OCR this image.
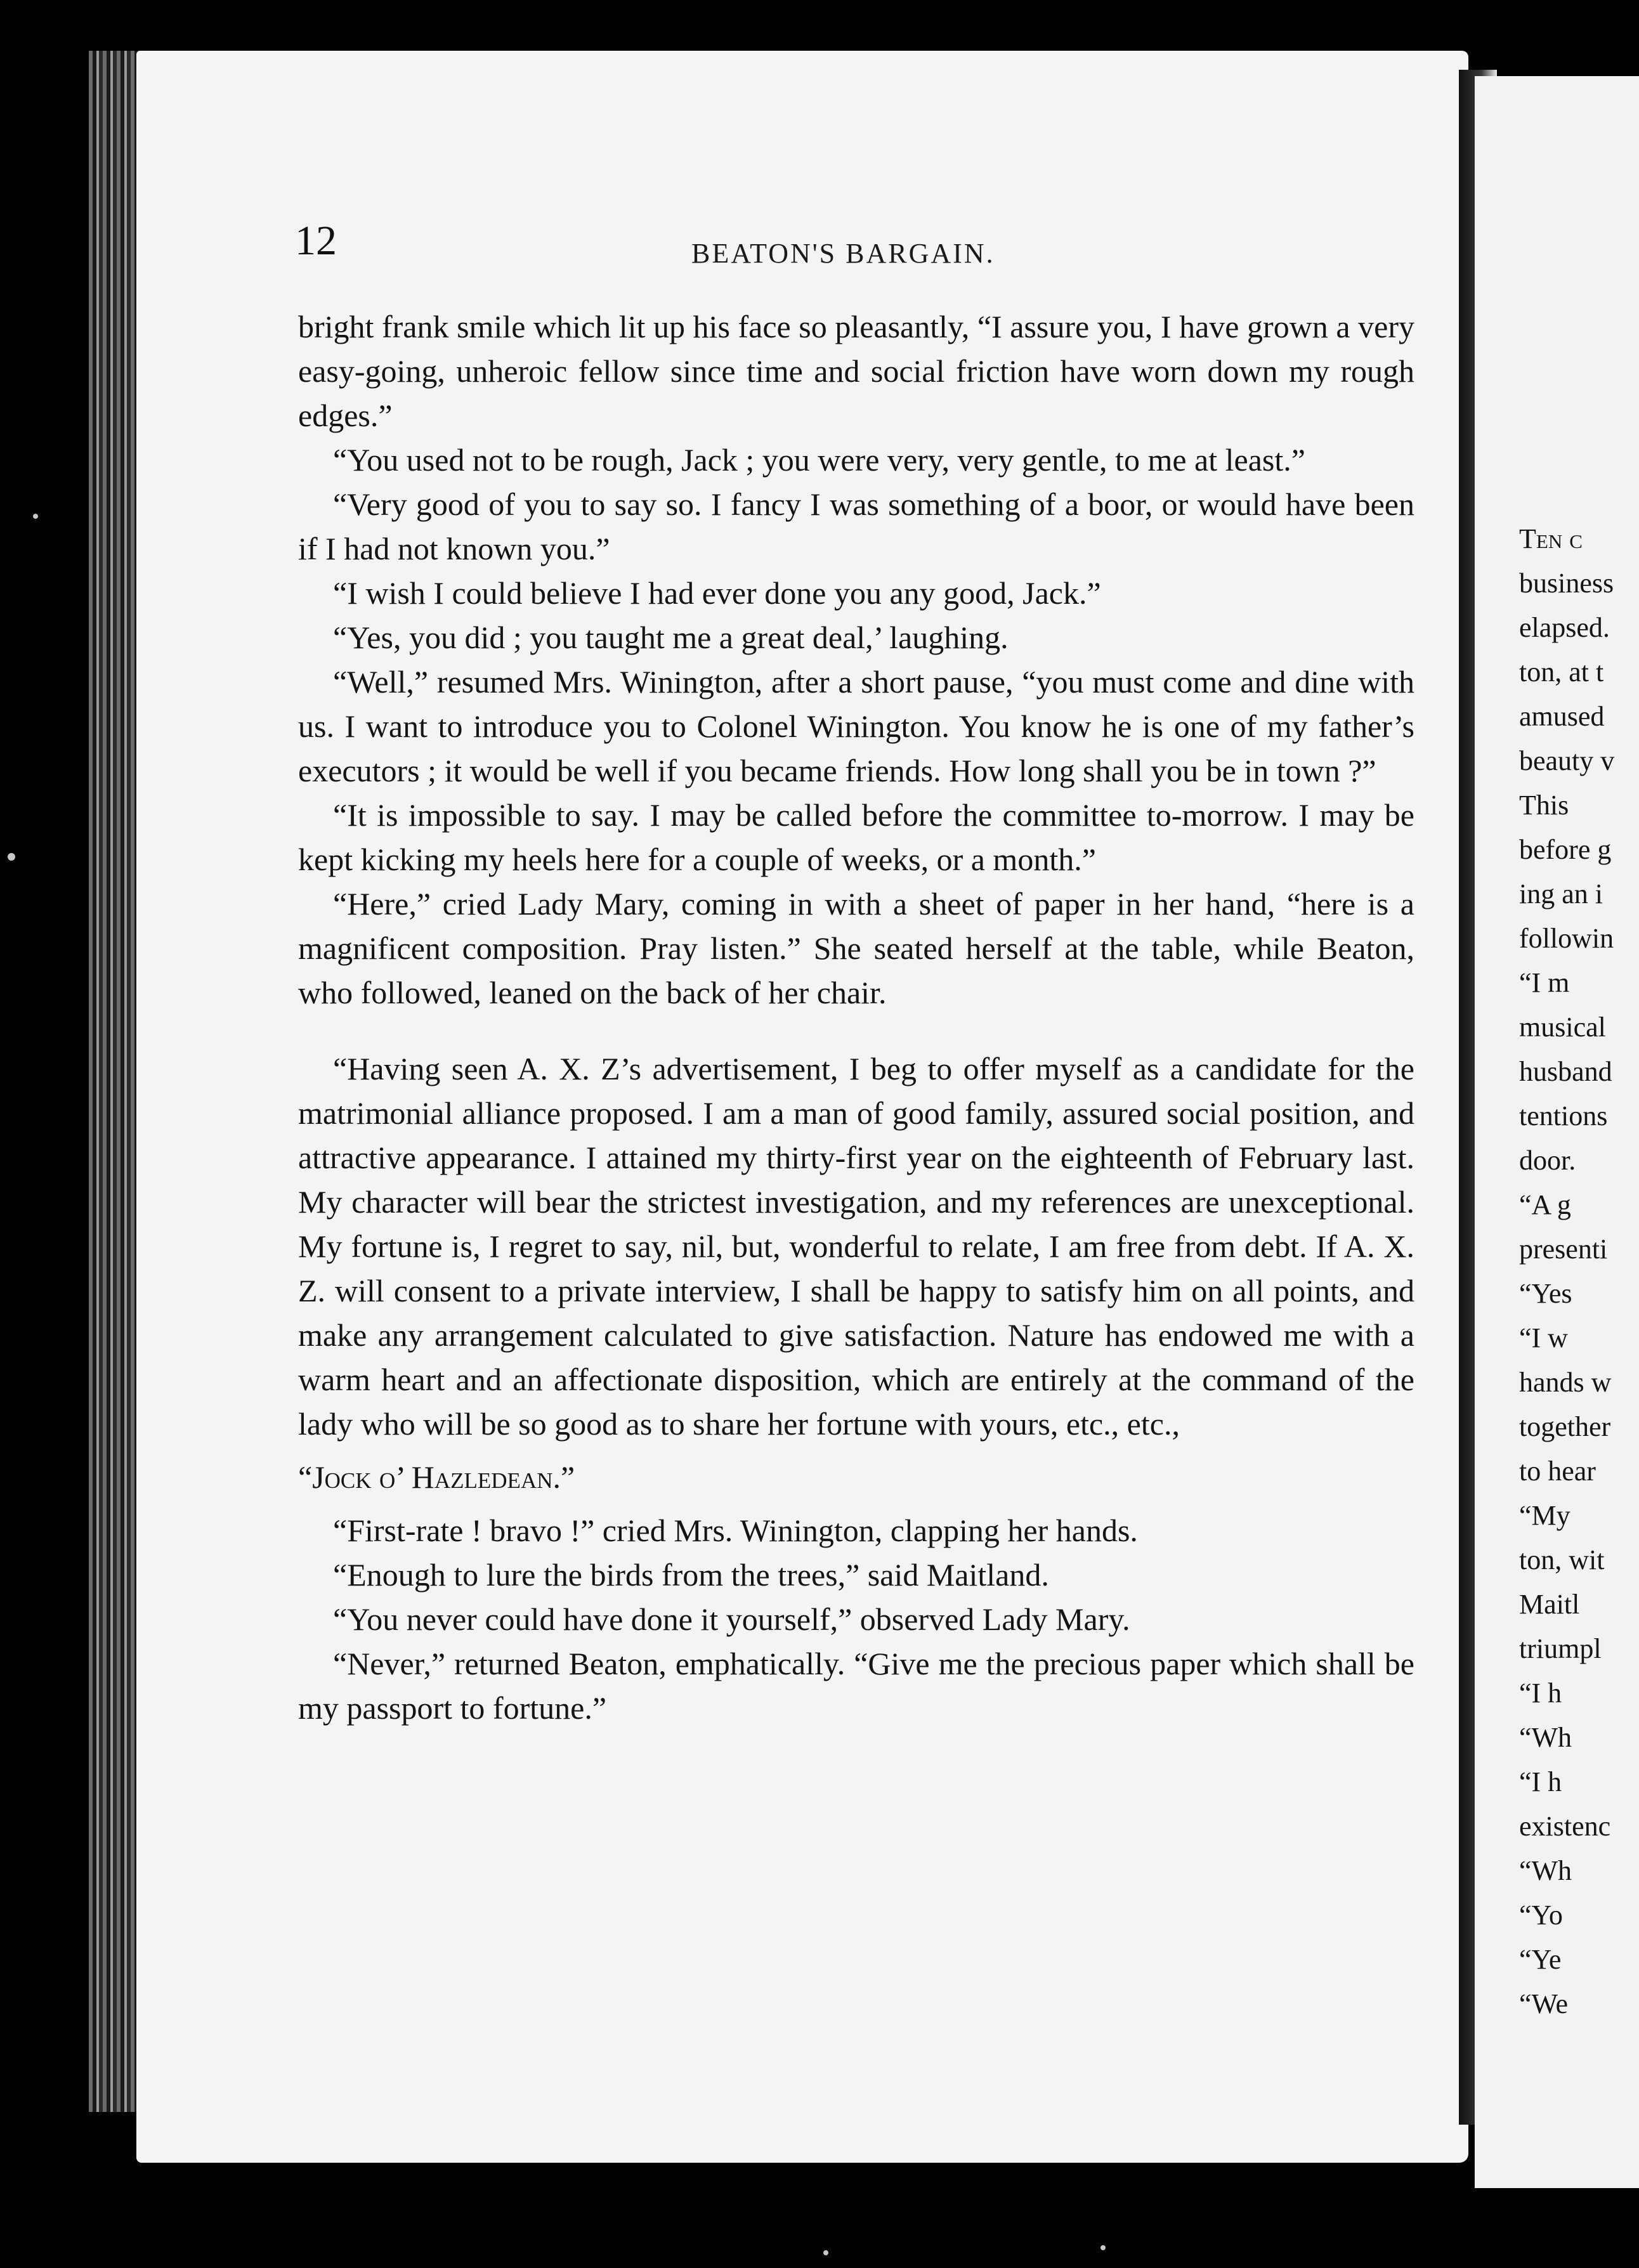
12	BEATON'S BARGAIN.

bright frank smile which lit up his face so pleasantly, “I assure you, I have grown a very easy-going, unheroic fellow since time and social friction have worn down my rough edges.”

“You used not to be rough, Jack ; you were very, very gentle, to me at least.”

“Very good of you to say so. I fancy I was something of a boor, or would have been if I had not known you.”

“I wish I could believe I had ever done you any good, Jack.”

“Yes, you did ; you taught me a great deal,’ laughing.

“Well,” resumed Mrs. Winington, after a short pause, “you must come and dine with us. I want to introduce you to Colonel Winington. You know he is one of my father’s executors ; it would be well if you became friends. How long shall you be in town ?”

“It is impossible to say. I may be called before the committee to-morrow. I may be kept kicking my heels here for a couple of weeks, or a month.”

“Here,” cried Lady Mary, coming in with a sheet of paper in her hand, “here is a magnificent composition. Pray listen.” She seated herself at the table, while Beaton, who followed, leaned on the back of her chair.

“Having seen A. X. Z’s advertisement, I beg to offer myself as a candidate for the matrimonial alliance proposed. I am a man of good family, assured social position, and attractive appearance. I attained my thirty-first year on the eighteenth of February last. My character will bear the strictest investigation, and my references are unexceptional. My fortune is, I regret to say, nil, but, wonderful to relate, I am free from debt. If A. X. Z. will consent to a private interview, I shall be happy to satisfy him on all points, and make any arrangement calculated to give satisfaction. Nature has endowed me with a warm heart and an affectionate disposition, which are entirely at the command of the lady who will be so good as to share her fortune with yours, etc., etc.,

“Jock o’ Hazledean.”

“First-rate ! bravo !” cried Mrs. Winington, clapping her hands.

“Enough to lure the birds from the trees,” said Maitland.

“You never could have done it yourself,” observed Lady Mary.

“Never,” returned Beaton, emphatically. “Give me the precious paper which shall be my passport to fortune.”

Ten c
business
elapsed.
ton, at t
amused
beauty v
This
before g
ing an i
followin
“I m
musical
husband
tentions
door.
“A g
presenti
“Yes
“I w
hands w
together
to hear
“My
ton, wit
Maitl
triumpl
“I h
“Wh
“I h
existenc
“Wh
“Yo
“Ye
“We
